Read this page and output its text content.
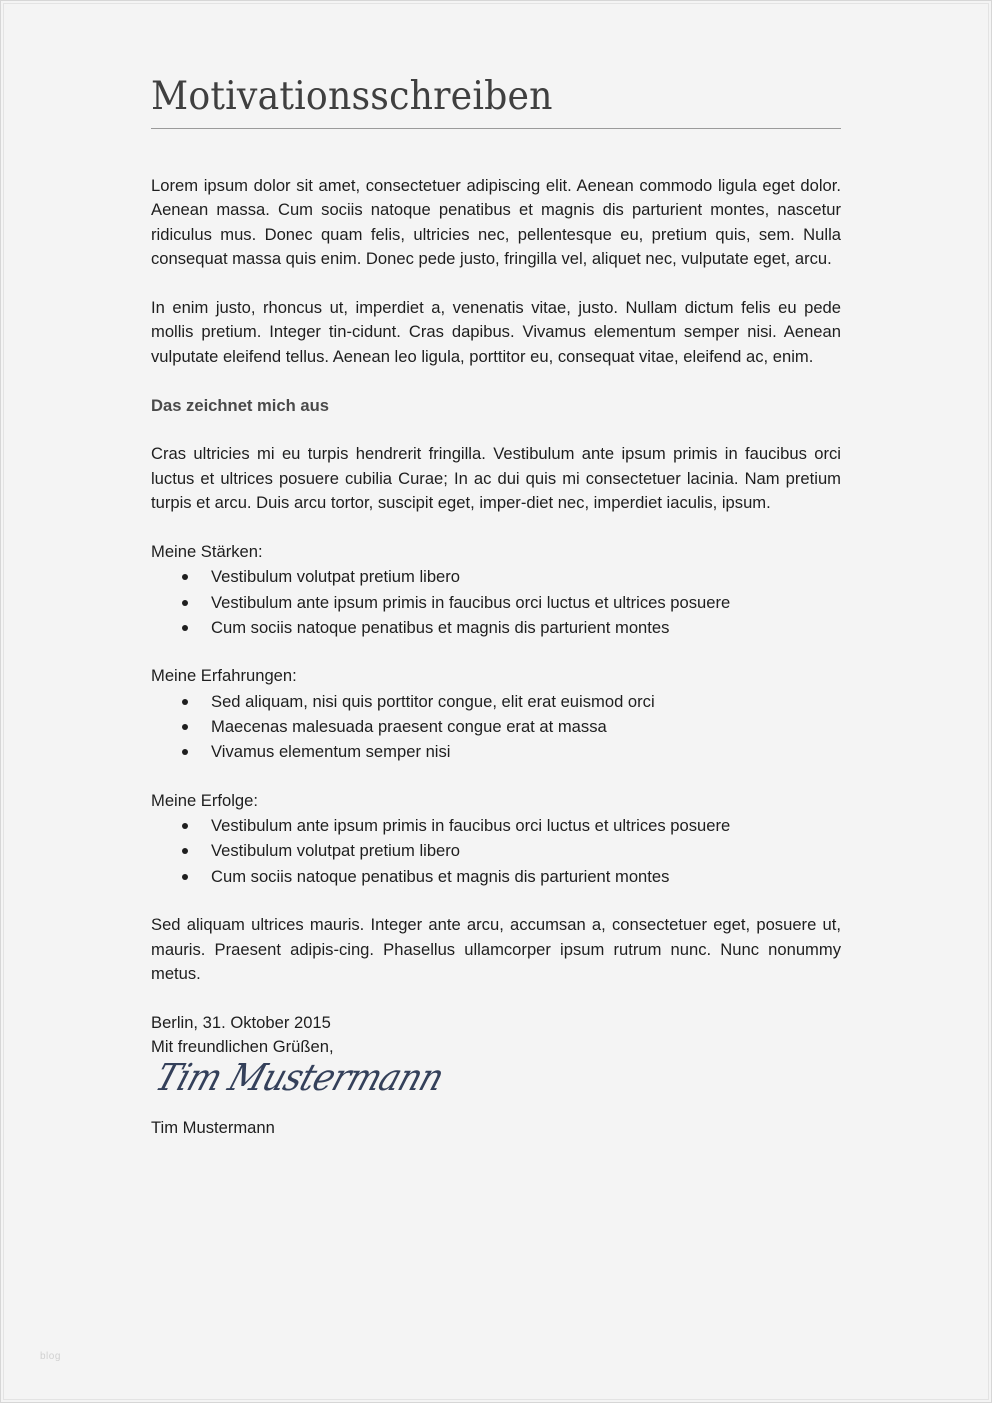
Motivationsschreiben

Lorem ipsum dolor sit amet, consectetuer adipiscing elit. Aenean commodo ligula eget dolor. Aenean massa. Cum sociis natoque penatibus et magnis dis parturient montes, nascetur ridiculus mus. Donec quam felis, ultricies nec, pellentesque eu, pretium quis, sem. Nulla consequat massa quis enim. Donec pede justo, fringilla vel, aliquet nec, vulputate eget, arcu.

In enim justo, rhoncus ut, imperdiet a, venenatis vitae, justo. Nullam dictum felis eu pede mollis pretium. Integer tin-cidunt. Cras dapibus. Vivamus elementum semper nisi. Aenean vulputate eleifend tellus. Aenean leo ligula, porttitor eu, consequat vitae, eleifend ac, enim.

Das zeichnet mich aus

Cras ultricies mi eu turpis hendrerit fringilla. Vestibulum ante ipsum primis in faucibus orci luctus et ultrices posuere cubilia Curae; In ac dui quis mi consectetuer lacinia. Nam pretium turpis et arcu. Duis arcu tortor, suscipit eget, imper-diet nec, imperdiet iaculis, ipsum.

Meine Stärken:

Vestibulum volutpat pretium libero
Vestibulum ante ipsum primis in faucibus orci luctus et ultrices posuere
Cum sociis natoque penatibus et magnis dis parturient montes

Meine Erfahrungen:

Sed aliquam, nisi quis porttitor congue, elit erat euismod orci
Maecenas malesuada praesent congue erat at massa
Vivamus elementum semper nisi

Meine Erfolge:

Vestibulum ante ipsum primis in faucibus orci luctus et ultrices posuere
Vestibulum volutpat pretium libero
Cum sociis natoque penatibus et magnis dis parturient montes

Sed aliquam ultrices mauris. Integer ante arcu, accumsan a, consectetuer eget, posuere ut, mauris. Praesent adipis-cing. Phasellus ullamcorper ipsum rutrum nunc. Nunc nonummy metus.

Berlin, 31. Oktober 2015

Mit freundlichen Grüßen,

Tim Mustermann

Tim Mustermann

blog
